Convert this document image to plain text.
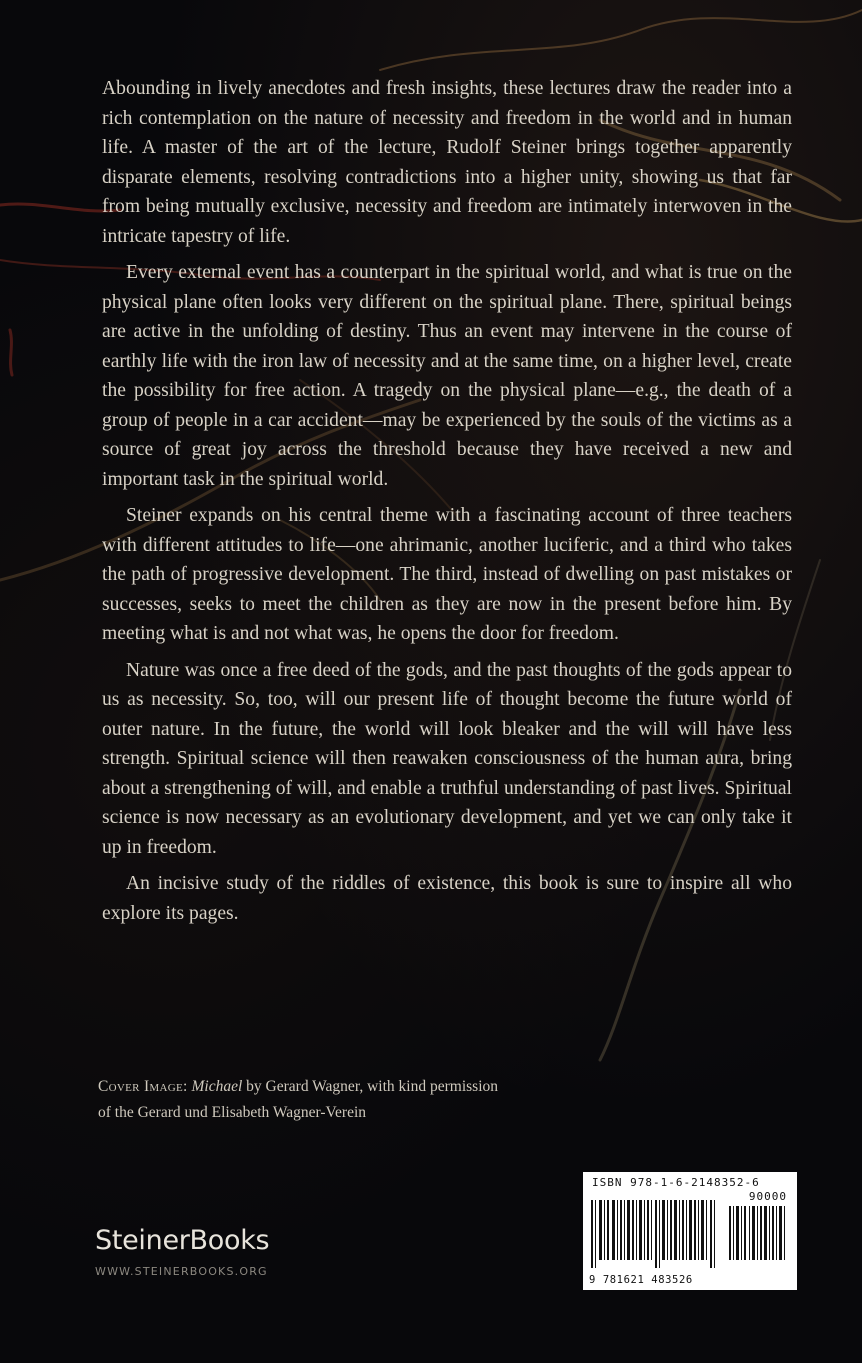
Abounding in lively anecdotes and fresh insights, these lectures draw the reader into a rich contemplation on the nature of necessity and freedom in the world and in human life. A master of the art of the lecture, Rudolf Steiner brings together apparently disparate elements, resolving contradictions into a higher unity, showing us that far from being mutually exclusive, necessity and freedom are intimately interwoven in the intricate tapestry of life.

Every external event has a counterpart in the spiritual world, and what is true on the physical plane often looks very different on the spiritual plane. There, spiritual beings are active in the unfolding of destiny. Thus an event may intervene in the course of earthly life with the iron law of necessity and at the same time, on a higher level, create the possibility for free action. A tragedy on the physical plane—e.g., the death of a group of people in a car accident—may be experienced by the souls of the victims as a source of great joy across the threshold because they have received a new and important task in the spiritual world.

Steiner expands on his central theme with a fascinating account of three teachers with different attitudes to life—one ahrimanic, another luciferic, and a third who takes the path of progressive development. The third, instead of dwelling on past mistakes or successes, seeks to meet the children as they are now in the present before him. By meeting what is and not what was, he opens the door for freedom.

Nature was once a free deed of the gods, and the past thoughts of the gods appear to us as necessity. So, too, will our present life of thought become the future world of outer nature. In the future, the world will look bleaker and the will will have less strength. Spiritual science will then reawaken consciousness of the human aura, bring about a strengthening of will, and enable a truthful understanding of past lives. Spiritual science is now necessary as an evolutionary development, and yet we can only take it up in freedom.

An incisive study of the riddles of existence, this book is sure to inspire all who explore its pages.

Cover Image: Michael by Gerard Wagner, with kind permission
of the Gerard und Elisabeth Wagner-Verein
SteinerBooks
WWW.STEINERBOOKS.ORG
ISBN 978-1-6-2148352-6
90000
9 781621 483526
